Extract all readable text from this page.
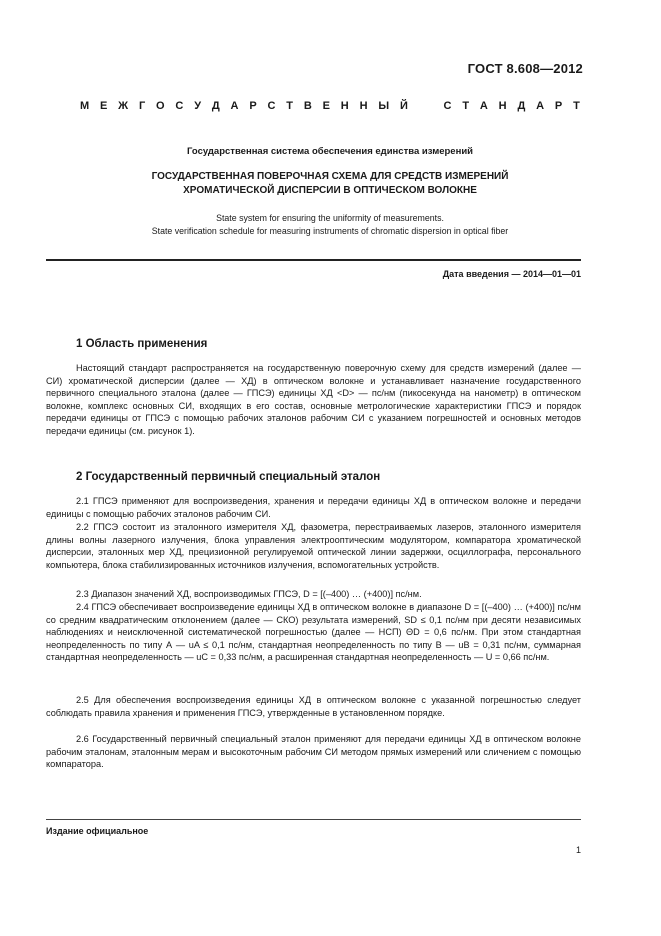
ГОСТ 8.608—2012
М Е Ж Г О С У Д А Р С Т В Е Н Н Ы Й
	С Т А Н Д А Р Т
Государственная система обеспечения единства измерений
ГОСУДАРСТВЕННАЯ ПОВЕРОЧНАЯ СХЕМА ДЛЯ СРЕДСТВ ИЗМЕРЕНИЙ
ХРОМАТИЧЕСКОЙ ДИСПЕРСИИ В ОПТИЧЕСКОМ ВОЛОКНЕ
State system for ensuring the uniformity of measurements.
State verification schedule for measuring instruments of chromatic dispersion in optical fiber
Дата введения — 2014—01—01
1 Область применения

Настоящий стандарт распространяется на государственную поверочную схему для средств измерений (далее — СИ) хроматической дисперсии (далее — ХД) в оптическом волокне и устанавливает назначение государственного первичного специального эталона (далее — ГПСЭ) единицы ХД <D> — пс/нм (пикосекунда на нанометр) в оптическом волокне, комплекс основных СИ, входящих в его состав, основные метрологические характеристики ГПСЭ и порядок передачи единицы от ГПСЭ с помощью рабочих эталонов рабочим СИ с указанием погрешностей и основных методов передачи единицы (см. рисунок 1).

2 Государственный первичный специальный эталон

2.1 ГПСЭ применяют для воспроизведения, хранения и передачи единицы ХД в оптическом волокне и передачи единицы с помощью рабочих эталонов рабочим СИ.

2.2 ГПСЭ состоит из эталонного измерителя ХД, фазометра, перестраиваемых лазеров, эталонного измерителя длины волны лазерного излучения, блока управления электрооптическим модулятором, компаратора хроматической дисперсии, эталонных мер ХД, прецизионной регулируемой оптической линии задержки, осциллографа, персонального компьютера, блока стабилизированных источников излучения, вспомогательных устройств.

2.3 Диапазон значений ХД, воспроизводимых ГПСЭ, D = [(–400) … (+400)] пс/нм.

2.4 ГПСЭ обеспечивает воспроизведение единицы ХД в оптическом волокне в диапазоне D = [(–400) … (+400)] пс/нм со средним квадратическим отклонением (далее — СКО) результата измерений, SD ≤ 0,1 пс/нм при десяти независимых наблюдениях и неисключенной систематической погрешностью (далее — НСП) ΘD = 0,6 пс/нм. При этом стандартная неопределенность по типу А — uA ≤ 0,1 пс/нм, стандартная неопределенность по типу В — uB = 0,31 пс/нм, суммарная стандартная неопределенность — uC = 0,33 пс/нм, а расширенная стандартная неопределенность — U = 0,66 пс/нм.

2.5 Для обеспечения воспроизведения единицы ХД в оптическом волокне с указанной погрешностью следует соблюдать правила хранения и применения ГПСЭ, утвержденные в установленном порядке.

2.6 Государственный первичный специальный эталон применяют для передачи единицы ХД в оптическом волокне рабочим эталонам, эталонным мерам и высокоточным рабочим СИ методом прямых измерений или сличением с помощью компаратора.

Издание официальное
1
